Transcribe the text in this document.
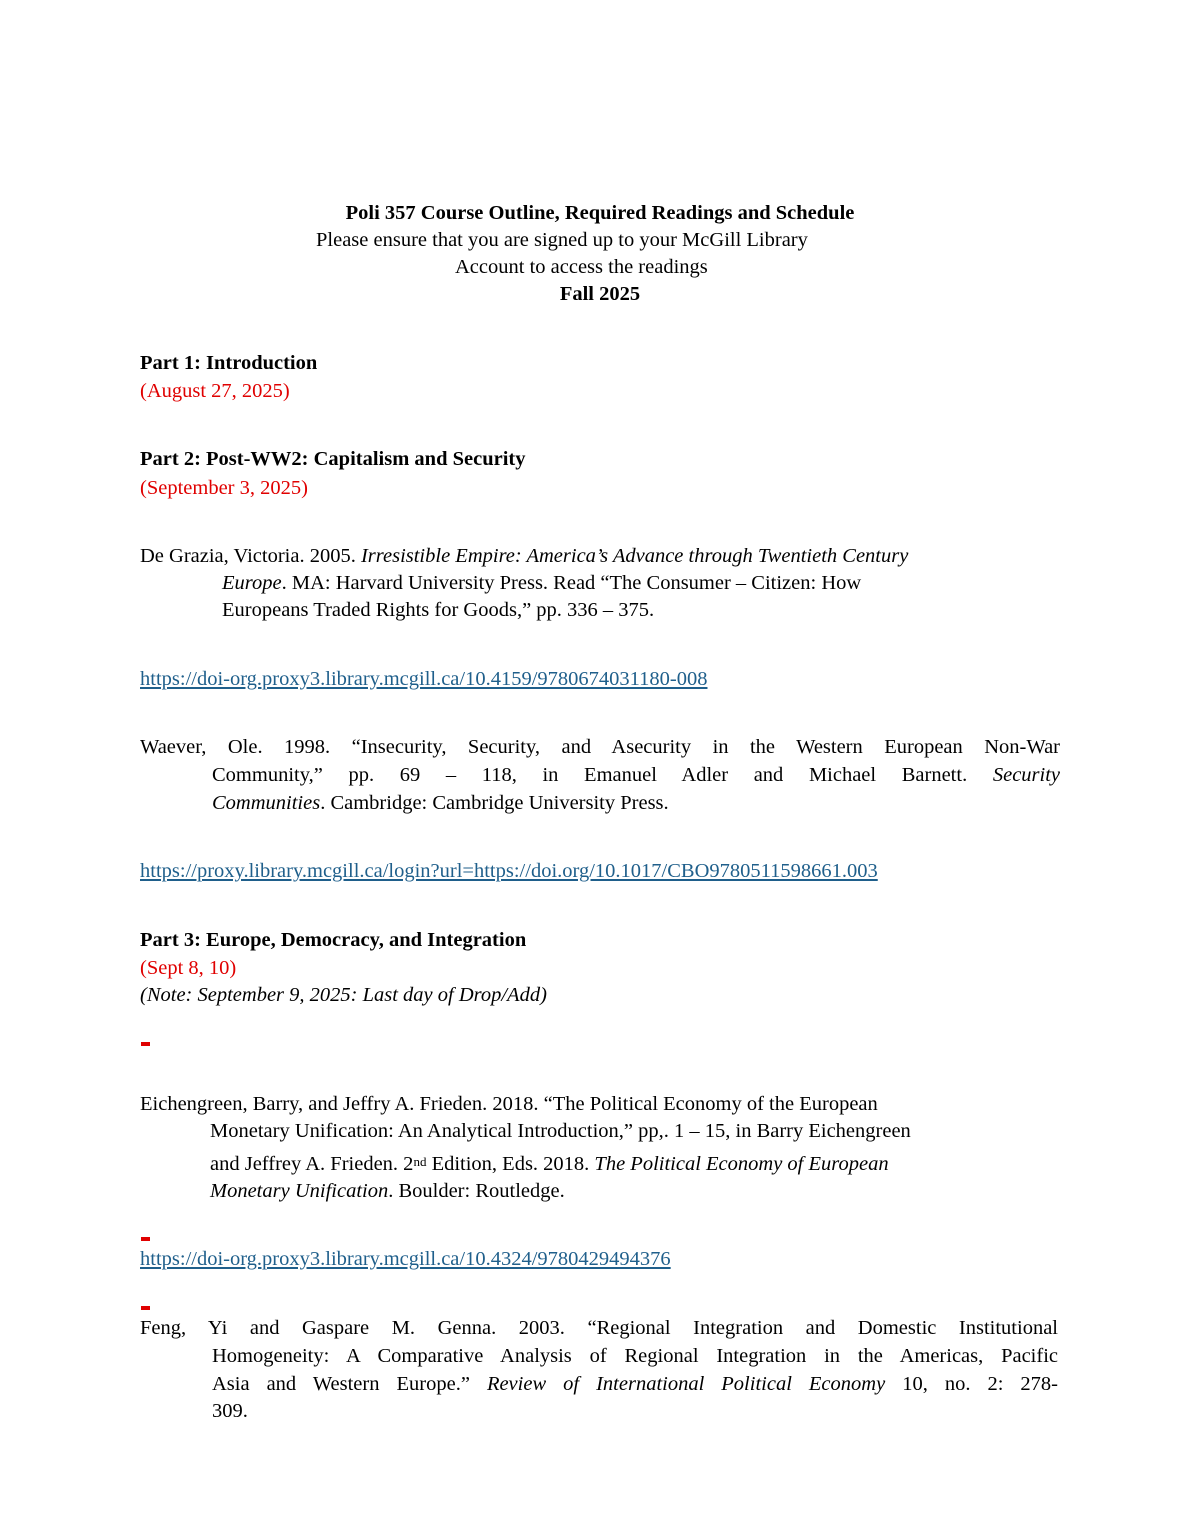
Poli 357 Course Outline, Required Readings and Schedule
Please ensure that you are signed up to your McGill Library
Account to access the readings
Fall 2025
Part 1: Introduction
(August 27, 2025)
Part 2: Post-WW2: Capitalism and Security
(September 3, 2025)
De Grazia, Victoria. 2005. Irresistible Empire: America’s Advance through Twentieth Century
Europe. MA: Harvard University Press. Read “The Consumer – Citizen: How
Europeans Traded Rights for Goods,” pp. 336 – 375.
https://doi-org.proxy3.library.mcgill.ca/10.4159/9780674031180-008
Waever, Ole. 1998. “Insecurity, Security, and Asecurity in the Western European Non-War
Community,” pp. 69 – 118, in Emanuel Adler and Michael Barnett. Security
Communities. Cambridge: Cambridge University Press.
https://proxy.library.mcgill.ca/login?url=https://doi.org/10.1017/CBO9780511598661.003
Part 3: Europe, Democracy, and Integration
(Sept 8, 10)
(Note: September 9, 2025: Last day of Drop/Add)
Eichengreen, Barry, and Jeffry A. Frieden. 2018. “The Political Economy of the European
Monetary Unification: An Analytical Introduction,” pp,. 1 – 15, in Barry Eichengreen
and Jeffrey A. Frieden. 2nd Edition, Eds. 2018. The Political Economy of European
Monetary Unification. Boulder: Routledge.
https://doi-org.proxy3.library.mcgill.ca/10.4324/9780429494376
Feng, Yi and Gaspare M. Genna. 2003. “Regional Integration and Domestic Institutional
Homogeneity: A Comparative Analysis of Regional Integration in the Americas, Pacific
Asia and Western Europe.” Review of International Political Economy 10, no. 2: 278-
309.
